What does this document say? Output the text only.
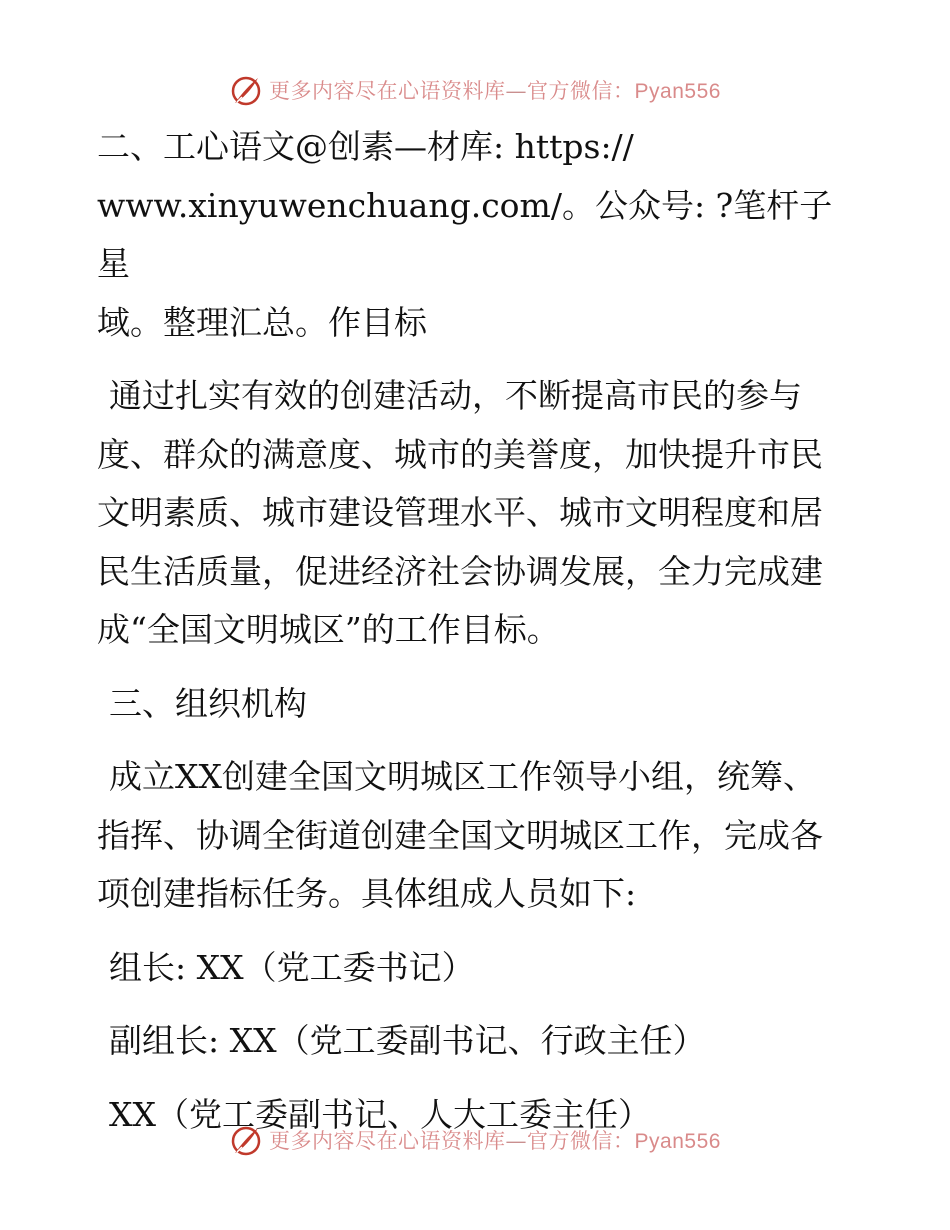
更多内容尽在心语资料库—官方微信：Pyan556

二、工心语文@创素—材库: https://
www.xinyuwenchuang.com/。公众号: ?笔杆子星
域。整理汇总。作目标

通过扎实有效的创建活动，不断提高市民的参与
度、群众的满意度、城市的美誉度，加快提升市民
文明素质、城市建设管理水平、城市文明程度和居
民生活质量，促进经济社会协调发展，全力完成建
成“全国文明城区”的工作目标。

三、组织机构

成立XX创建全国文明城区工作领导小组，统筹、
指挥、协调全街道创建全国文明城区工作，完成各
项创建指标任务。具体组成人员如下:

组长: XX（党工委书记）

副组长: XX（党工委副书记、行政主任）

XX（党工委副书记、人大工委主任）

更多内容尽在心语资料库—官方微信：Pyan556
